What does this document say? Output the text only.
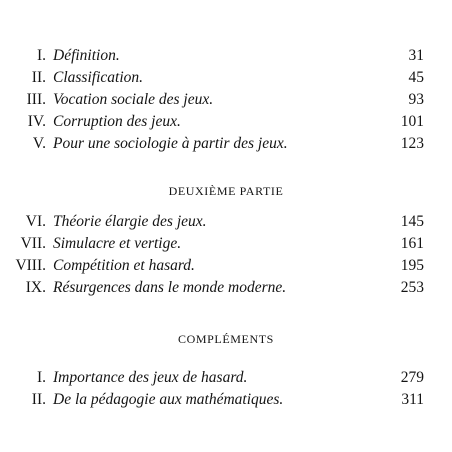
I. Définition.	31
II. Classification.	45
III. Vocation sociale des jeux.	93
IV. Corruption des jeux.	101
V. Pour une sociologie à partir des jeux.	123
DEUXIÈME PARTIE
VI. Théorie élargie des jeux.	145
VII. Simulacre et vertige.	161
VIII. Compétition et hasard.	195
IX. Résurgences dans le monde moderne.	253
COMPLÉMENTS
I. Importance des jeux de hasard.	279
II. De la pédagogie aux mathématiques.	311
